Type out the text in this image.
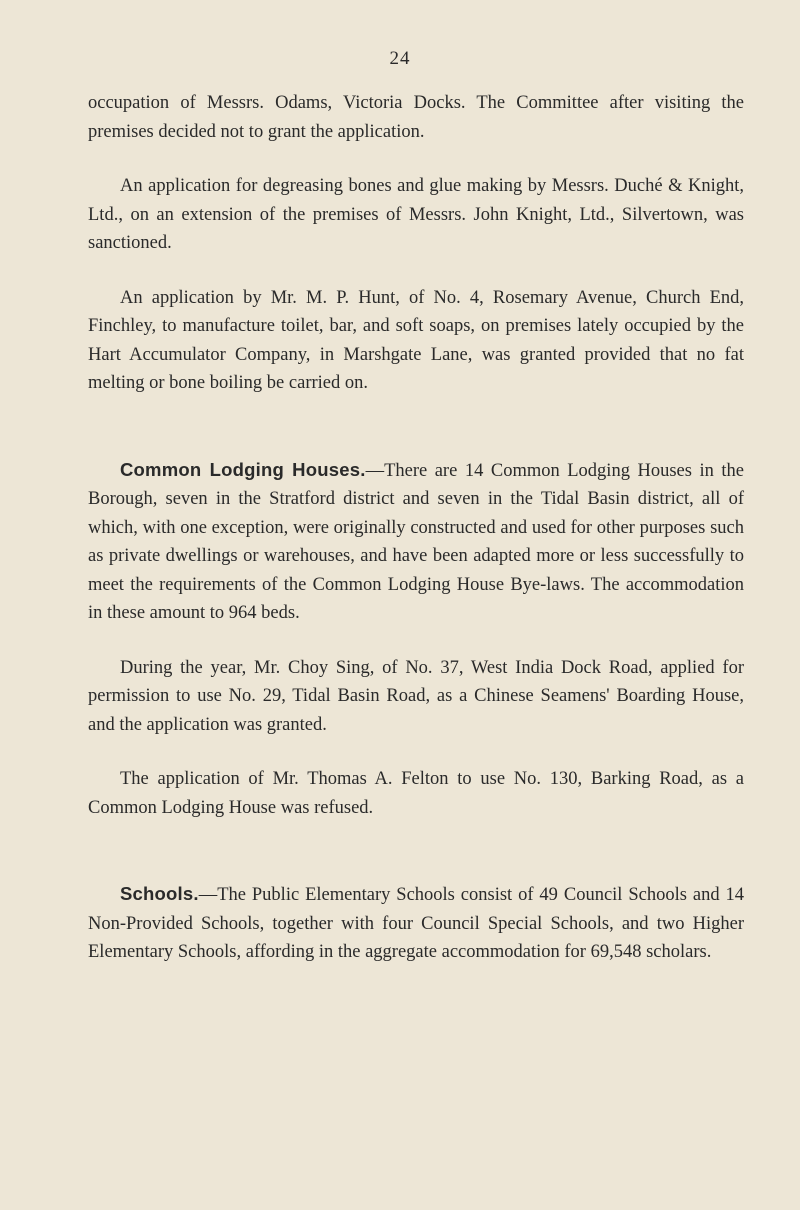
24

occupation of Messrs. Odams, Victoria Docks. The Committee after visiting the premises decided not to grant the application.

An application for degreasing bones and glue making by Messrs. Duché & Knight, Ltd., on an extension of the premises of Messrs. John Knight, Ltd., Silvertown, was sanctioned.

An application by Mr. M. P. Hunt, of No. 4, Rosemary Avenue, Church End, Finchley, to manufacture toilet, bar, and soft soaps, on premises lately occupied by the Hart Accumulator Company, in Marshgate Lane, was granted provided that no fat melting or bone boiling be carried on.

Common Lodging Houses.—There are 14 Common Lodging Houses in the Borough, seven in the Stratford district and seven in the Tidal Basin district, all of which, with one exception, were originally constructed and used for other purposes such as private dwellings or warehouses, and have been adapted more or less successfully to meet the requirements of the Common Lodging House Bye-laws. The accommodation in these amount to 964 beds.

During the year, Mr. Choy Sing, of No. 37, West India Dock Road, applied for permission to use No. 29, Tidal Basin Road, as a Chinese Seamens' Boarding House, and the application was granted.

The application of Mr. Thomas A. Felton to use No. 130, Barking Road, as a Common Lodging House was refused.

Schools.—The Public Elementary Schools consist of 49 Council Schools and 14 Non-Provided Schools, together with four Council Special Schools, and two Higher Elementary Schools, affording in the aggregate accommodation for 69,548 scholars.
